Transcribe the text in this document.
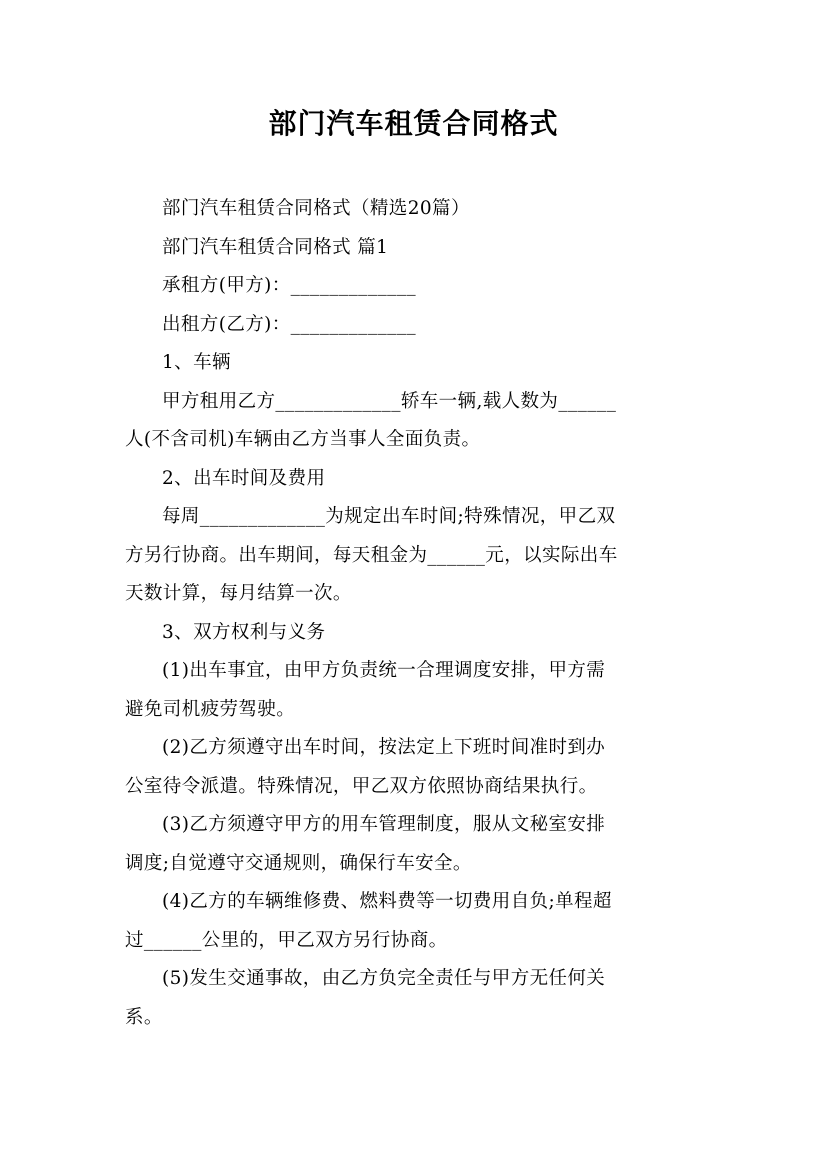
部门汽车租赁合同格式
部门汽车租赁合同格式（精选20篇）
部门汽车租赁合同格式 篇1
承租方(甲方)：_____________
出租方(乙方)：_____________
1、车辆
甲方租用乙方_____________轿车一辆,载人数为______
人(不含司机)车辆由乙方当事人全面负责。
2、出车时间及费用
每周_____________为规定出车时间;特殊情况，甲乙双
方另行协商。出车期间，每天租金为______元，以实际出车
天数计算，每月结算一次。
3、双方权利与义务
(1)出车事宜，由甲方负责统一合理调度安排，甲方需
避免司机疲劳驾驶。
(2)乙方须遵守出车时间，按法定上下班时间准时到办
公室待令派遣。特殊情况，甲乙双方依照协商结果执行。
(3)乙方须遵守甲方的用车管理制度，服从文秘室安排
调度;自觉遵守交通规则，确保行车安全。
(4)乙方的车辆维修费、燃料费等一切费用自负;单程超
过______公里的，甲乙双方另行协商。
(5)发生交通事故，由乙方负完全责任与甲方无任何关
系。
